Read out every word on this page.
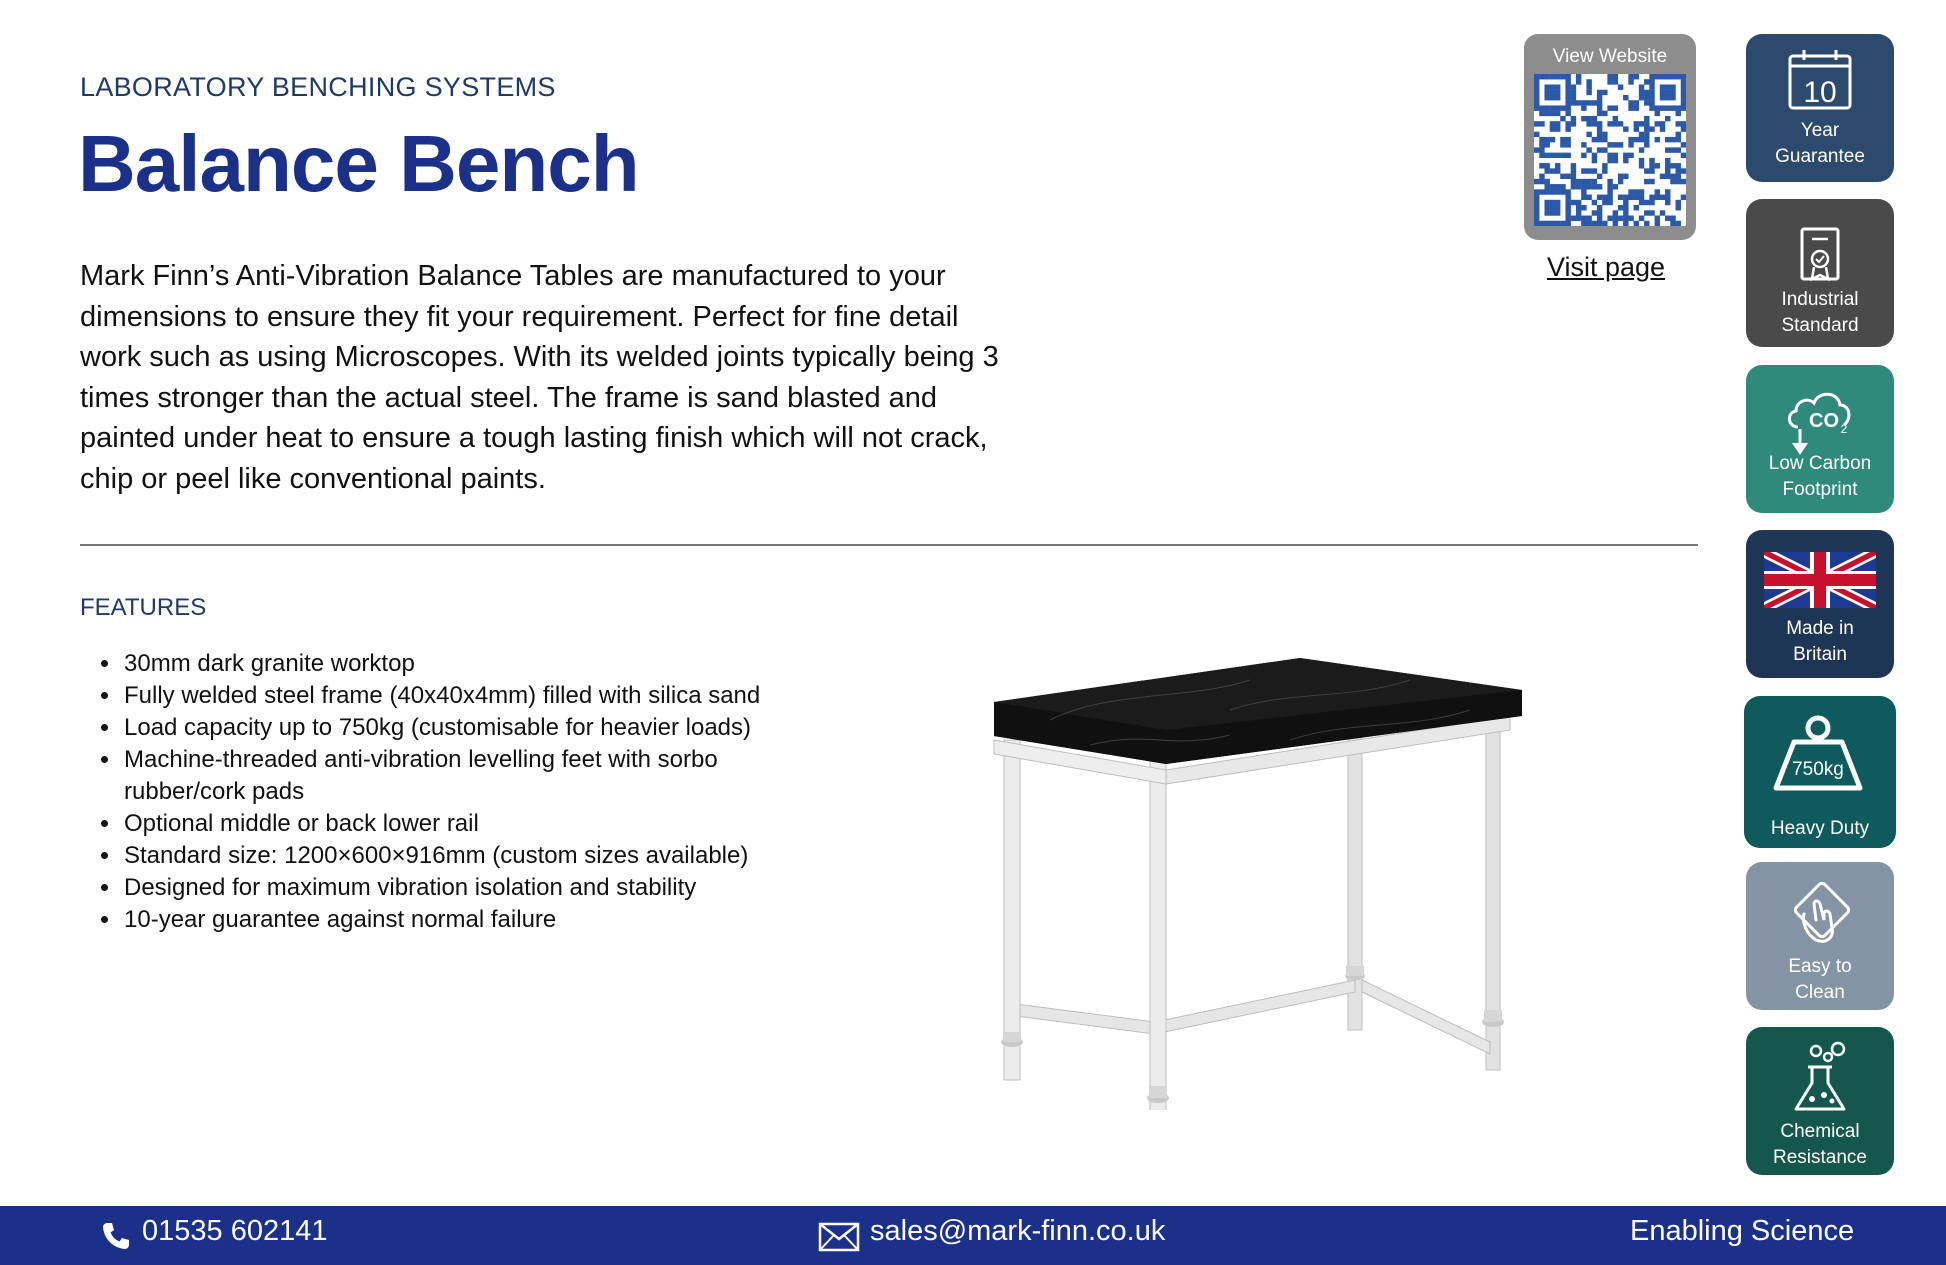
LABORATORY BENCHING SYSTEMS
Balance Bench
Mark Finn’s Anti-Vibration Balance Tables are manufactured to your dimensions to ensure they fit your requirement. Perfect for fine detail work such as using Microscopes. With its welded joints typically being 3 times stronger than the actual steel. The frame is sand blasted and painted under heat to ensure a tough lasting finish which will not crack, chip or peel like conventional paints.
View Website
Visit page
FEATURES
• 30mm dark granite worktop
• Fully welded steel frame (40x40x4mm) filled with silica sand
• Load capacity up to 750kg (customisable for heavier loads)
• Machine-threaded anti-vibration levelling feet with sorbo rubber/cork pads
• Optional middle or back lower rail
• Standard size: 1200×600×916mm (custom sizes available)
• Designed for maximum vibration isolation and stability
• 10-year guarantee against normal failure
10
Year
Guarantee
Industrial
Standard
CO 2
Low Carbon
Footprint
Made in
Britain
750kg
Heavy Duty
Easy to
Clean
Chemical
Resistance
01535 602141	sales@mark-finn.co.uk	Enabling Science
